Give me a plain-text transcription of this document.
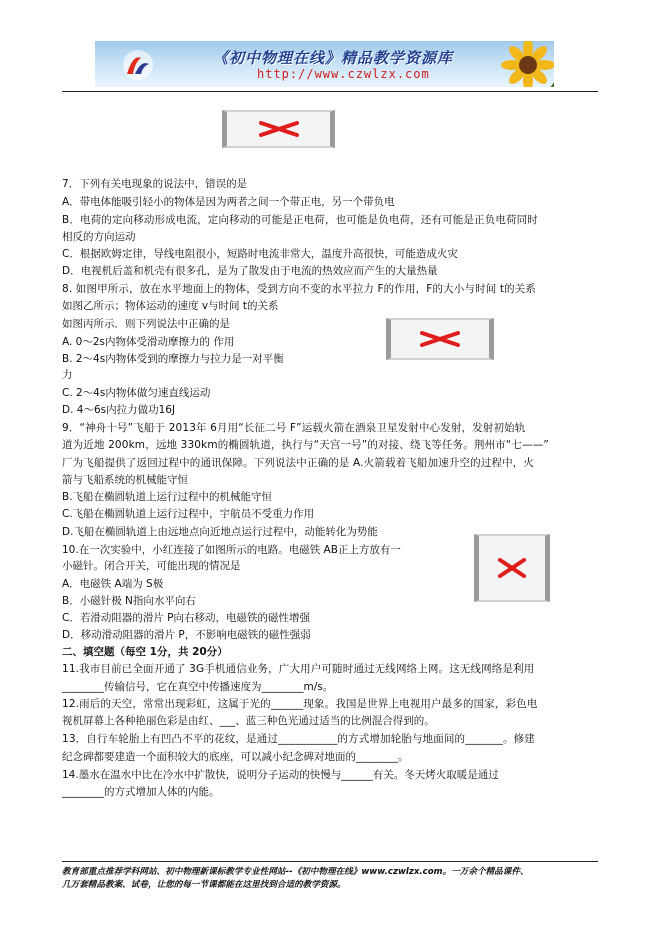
《初中物理在线》精品教学资源库
http://www.czwlzx.com
7．下列有关电现象的说法中，错误的是
A．带电体能吸引轻小的物体是因为两者之间一个带正电，另一个带负电
B．电荷的定向移动形成电流，定向移动的可能是正电荷，也可能是负电荷，还有可能是正负电荷同时
相反的方向运动
C．根据欧姆定律，导线电阻很小，短路时电流非常大，温度升高很快，可能造成火灾
D．电视机后盖和机壳有很多孔，是为了散发由于电流的热效应而产生的大量热量
8. 如图甲所示，放在水平地面上的物体，受到方向不变的水平拉力 F的作用，F的大小与时间 t的关系
如图乙所示；物体运动的速度 v与时间 t的关系
如图丙所示．则下列说法中正确的是
A. 0～2s内物体受滑动摩擦力的 作用
B. 2～4s内物体受到的摩擦力与拉力是一对平衡
力
C. 2～4s内物体做匀速直线运动
D. 4～6s内拉力做功16J
9．“神舟十号”飞船于 2013年 6月用“长征二号 F”运载火箭在酒泉卫星发射中心发射，发射初始轨
道为近地 200km，远地 330km的椭圆轨道，执行与“天宫一号”的对接、绕飞等任务。荆州市“七——”
厂为飞船提供了返回过程中的通讯保障。下列说法中正确的是 A.火箭载着飞船加速升空的过程中，火
箭与飞船系统的机械能守恒
B.飞船在椭圆轨道上运行过程中的机械能守恒
C.飞船在椭圆轨道上运行过程中，宇航员不受重力作用
D.飞船在椭圆轨道上由远地点向近地点运行过程中，动能转化为势能
10.在一次实验中，小红连接了如图所示的电路。电磁铁 AB正上方放有一
小磁针。闭合开关，可能出现的情况是
A．电磁铁 A端为 S极
B．小磁针极 N指向水平向右
C．若滑动阻器的滑片 P向右移动，电磁铁的磁性增强
D．移动滑动阻器的滑片 P，不影响电磁铁的磁性强弱
二、填空题（每空 1分，共 20分）
11.我市目前已全面开通了 3G手机通信业务，广大用户可随时通过无线网络上网。这无线网络是利用
________传输信号，它在真空中传播速度为________m/s。
12.雨后的天空，常常出现彩虹，这属于光的______现象。我国是世界上电视用户最多的国家，彩色电
视机屏幕上各种艳丽色彩是由红、___、蓝三种色光通过适当的比例混合得到的。
13．自行车轮胎上有凹凸不平的花纹，是通过___________的方式增加轮胎与地面间的_______。修建
纪念碑都要建造一个面积较大的底座，可以减小纪念碑对地面的________。
14.墨水在温水中比在冷水中扩散快，说明分子运动的快慢与______有关。冬天烤火取暖是通过
________的方式增加人体的内能。
教育部重点推荐学科网站、初中物理新课标教学专业性网站--《初中物理在线》www.czwlzx.com。一万余个精品课件、
几万套精品教案、试卷，让您的每一节课都能在这里找到合适的教学资源。
